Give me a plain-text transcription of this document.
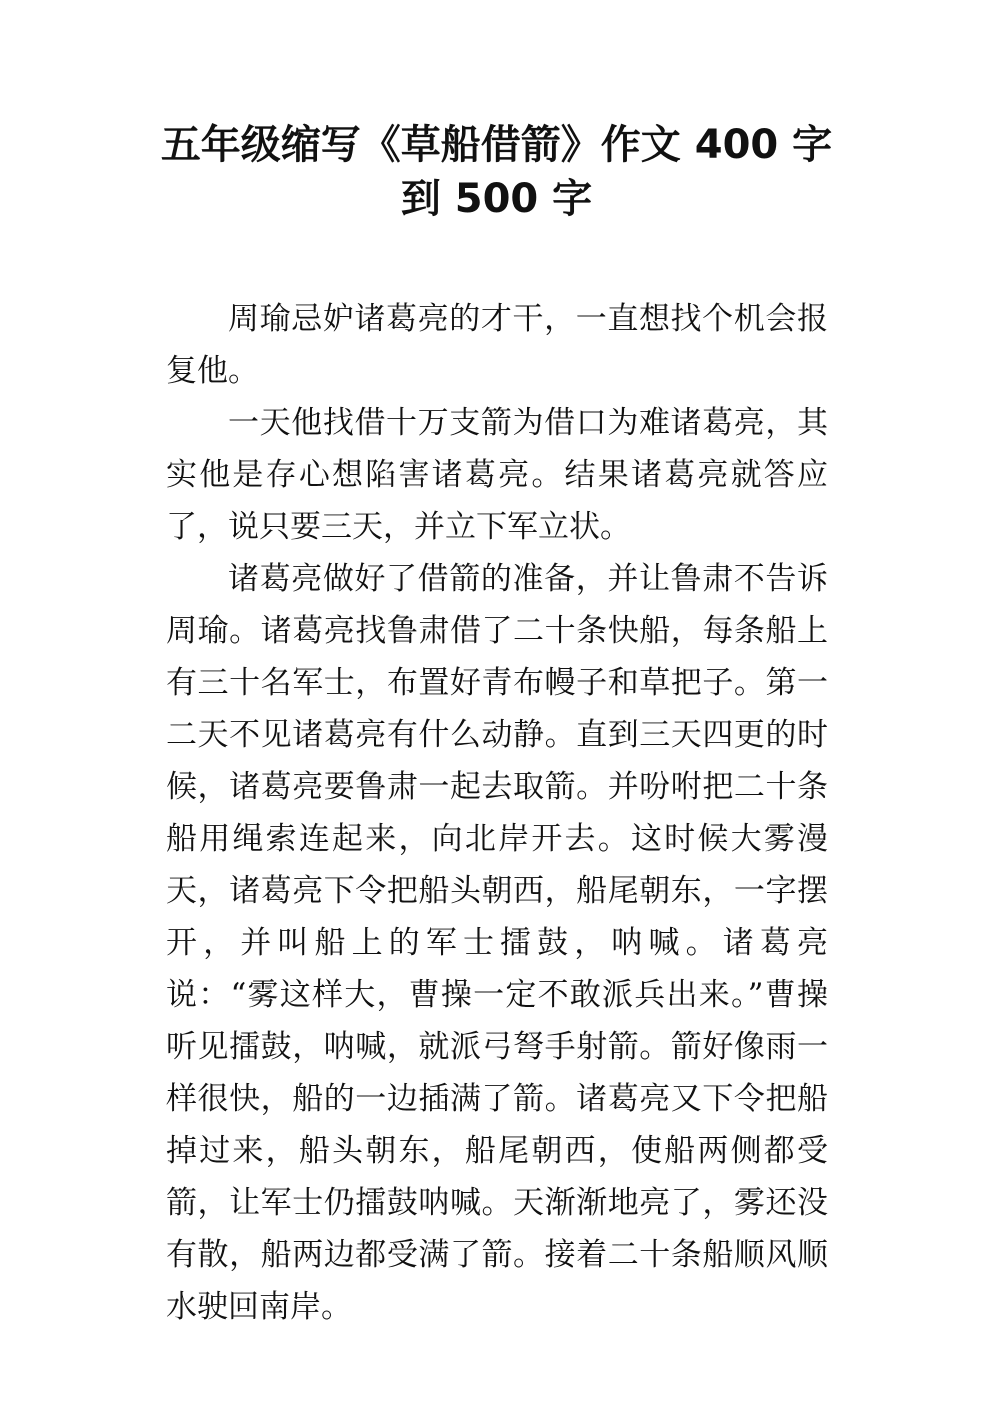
五年级缩写《草船借箭》作文 400 字
到 500 字

周瑜忌妒诸葛亮的才干，一直想找个机会报复他。

一天他找借十万支箭为借口为难诸葛亮，其实他是存心想陷害诸葛亮。结果诸葛亮就答应了，说只要三天，并立下军立状。

诸葛亮做好了借箭的准备，并让鲁肃不告诉周瑜。诸葛亮找鲁肃借了二十条快船，每条船上有三十名军士，布置好青布幔子和草把子。第一二天不见诸葛亮有什么动静。直到三天四更的时候，诸葛亮要鲁肃一起去取箭。并吩咐把二十条船用绳索连起来，向北岸开去。这时候大雾漫天，诸葛亮下令把船头朝西，船尾朝东，一字摆开，并叫船上的军士擂鼓，呐喊。诸葛亮说：“雾这样大，曹操一定不敢派兵出来。”曹操听见擂鼓，呐喊，就派弓弩手射箭。箭好像雨一样很快，船的一边插满了箭。诸葛亮又下令把船掉过来，船头朝东，船尾朝西，使船两侧都受箭，让军士仍擂鼓呐喊。天渐渐地亮了，雾还没有散，船两边都受满了箭。接着二十条船顺风顺水驶回南岸。
